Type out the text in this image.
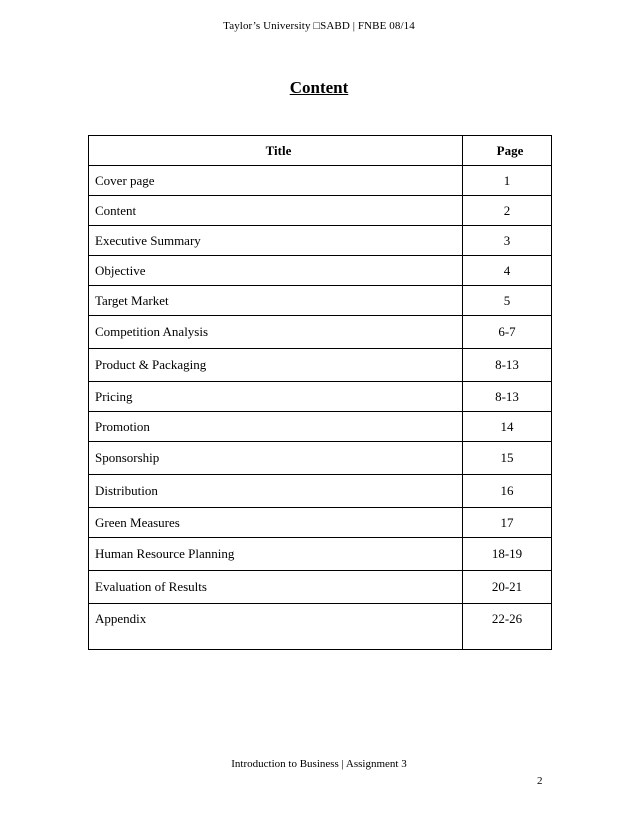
Taylor’s University □SABD | FNBE 08/14
Content
Title	Page
Cover page	1
Content	2
Executive Summary	3
Objective	4
Target Market	5
Competition Analysis	6-7
Product & Packaging	8-13
Pricing	8-13
Promotion	14
Sponsorship	15
Distribution	16
Green Measures	17
Human Resource Planning	18-19
Evaluation of Results	20-21
Appendix	22-26
Introduction to Business | Assignment 3
2
